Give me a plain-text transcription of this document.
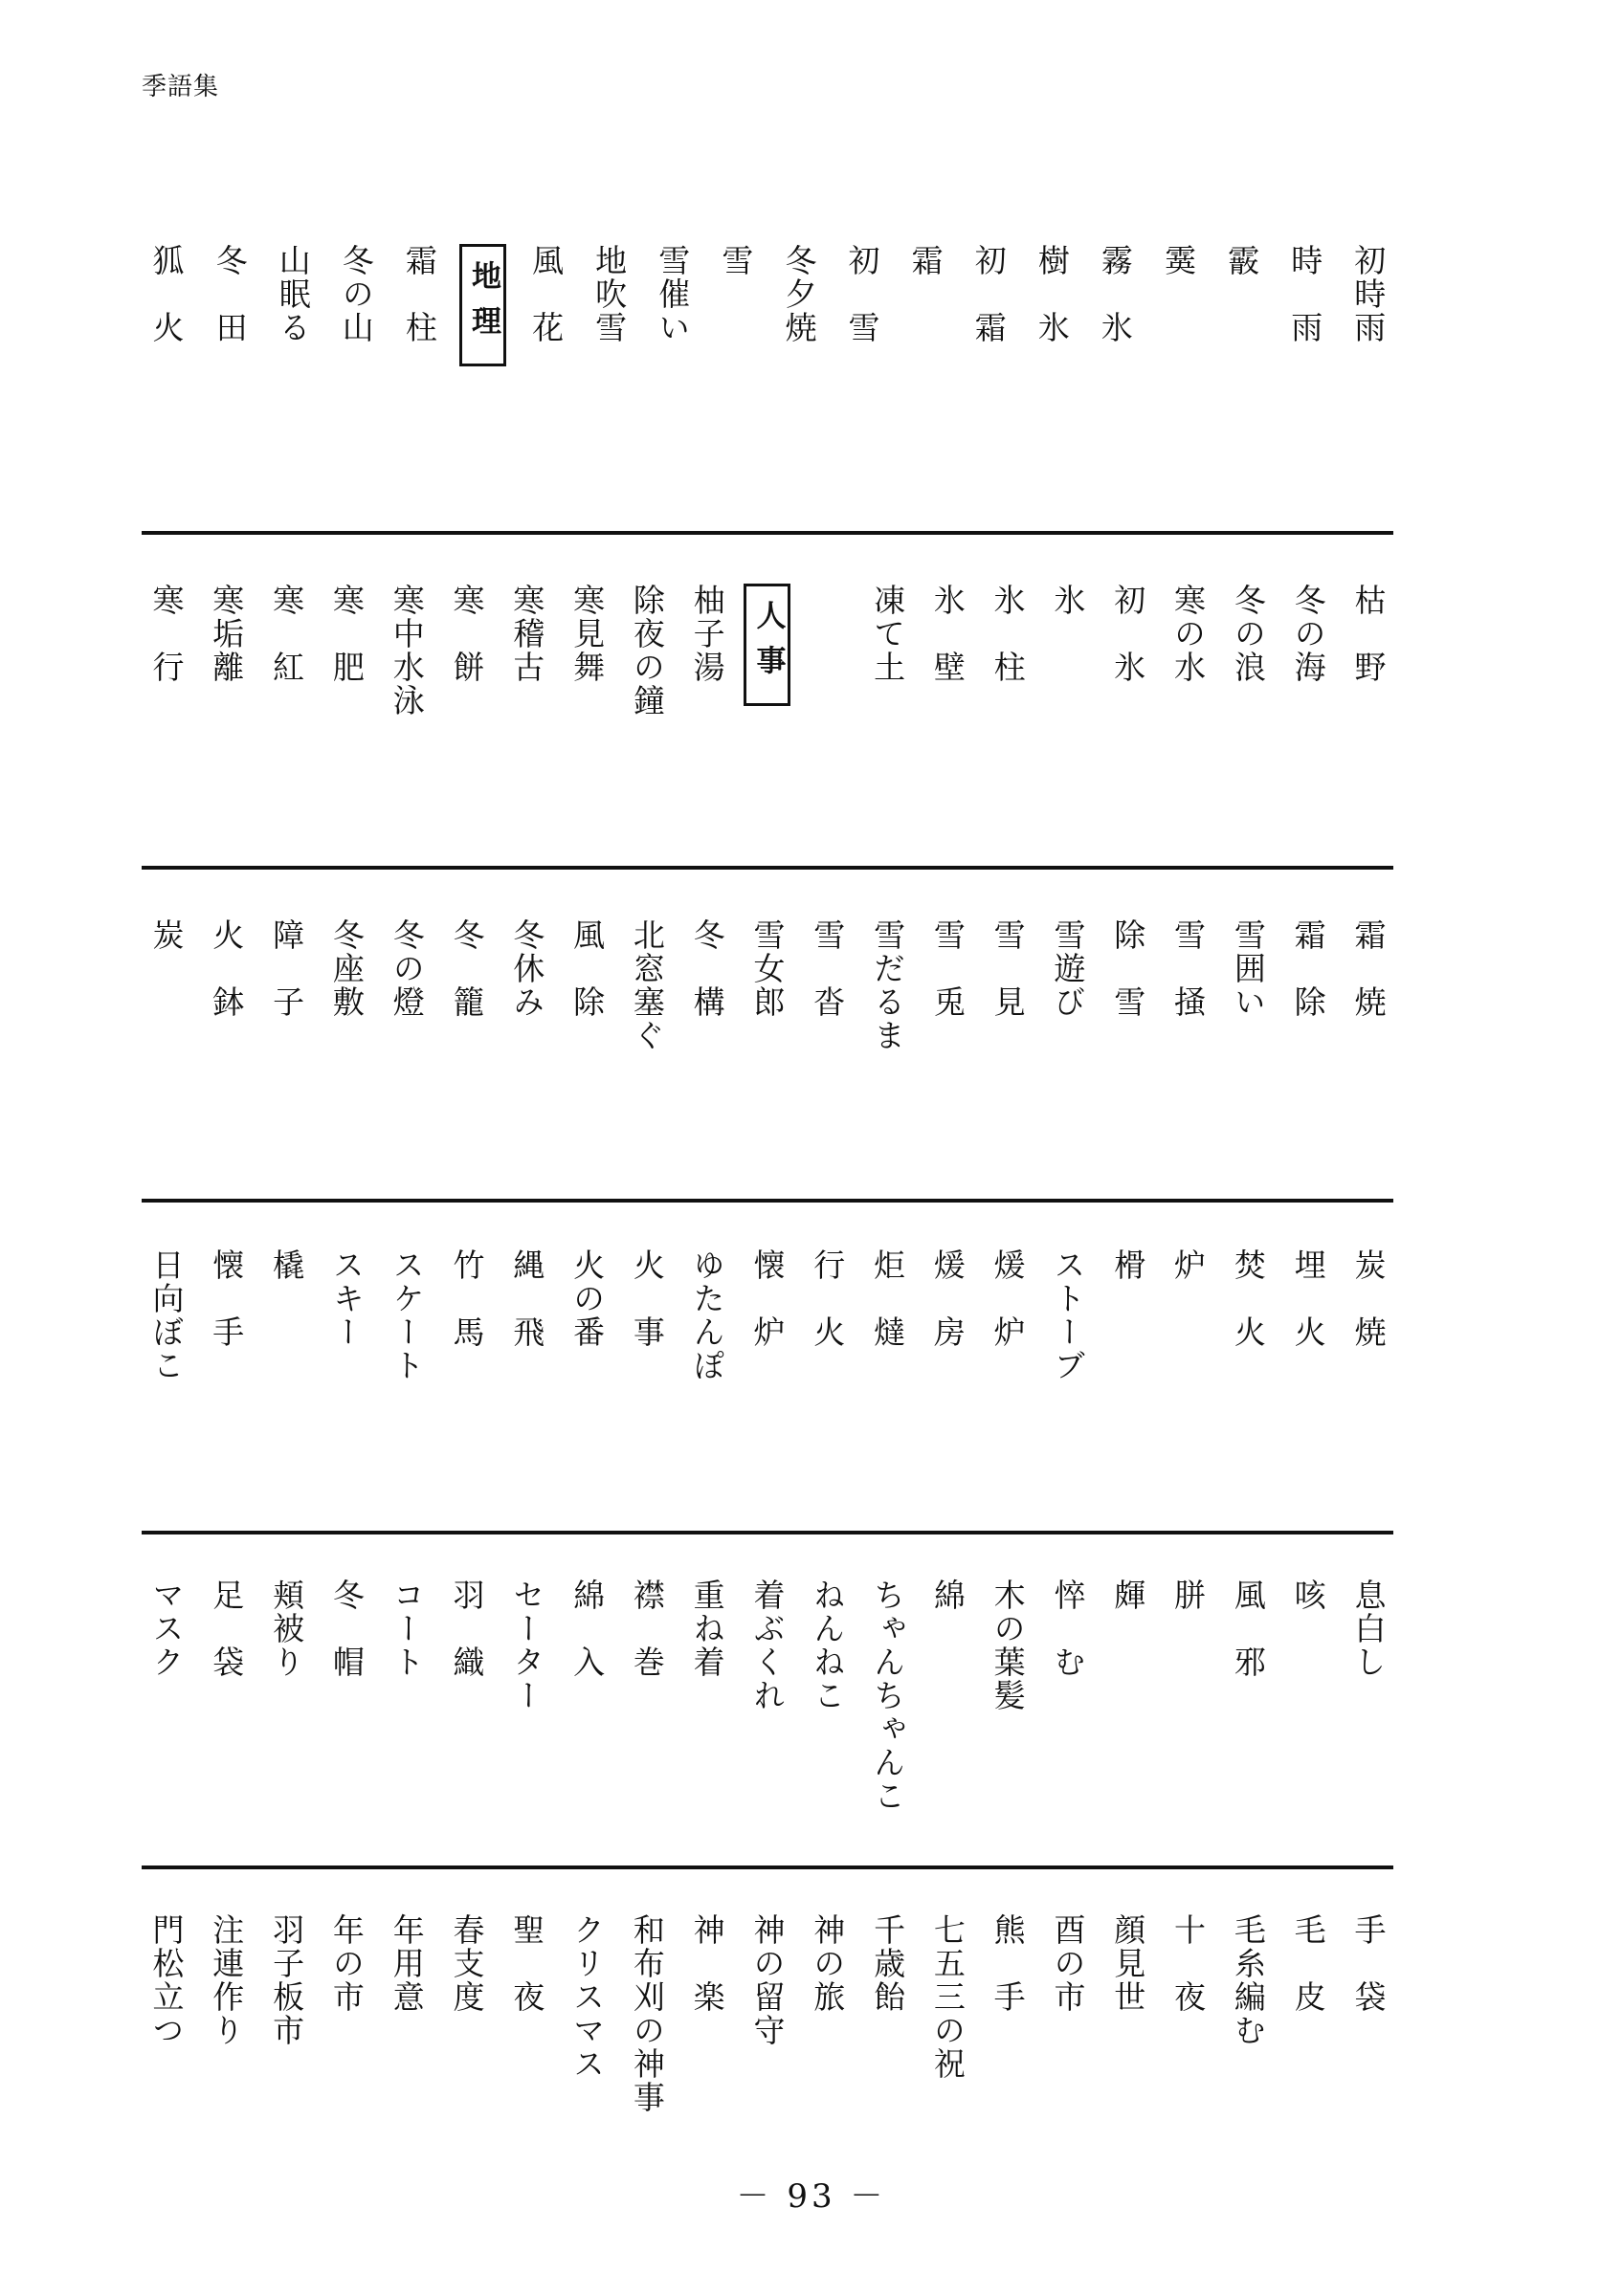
季語集
初時雨
時　雨
霰
霙
霧　氷
樹　氷
初　霜
霜
初　雪
冬夕焼
雪
雪催い
地吹雪
風　花
地理
霜　柱
冬の山
山眠る
冬　田
狐　火
枯　野
冬の海
冬の浪
寒の水
初　氷
氷
氷　柱
氷　壁
凍て土
人事
柚子湯
除夜の鐘
寒見舞
寒稽古
寒　餅
寒中水泳
寒　肥
寒　紅
寒垢離
寒　行
霜　焼
霜　除
雪囲い
雪　掻
除　雪
雪遊び
雪　見
雪　兎
雪だるま
雪　沓
雪女郎
冬　構
北窓塞ぐ
風　除
冬休み
冬　籠
冬の燈
冬座敷
障　子
火　鉢
炭
炭　焼
埋　火
焚　火
炉
榾
ストーブ
煖　炉
煖　房
炬　燵
行　火
懐　炉
ゆたんぽ
火　事
火の番
縄　飛
竹　馬
スケート
スキー
橇
懐　手
日向ぼこ
息白し
咳
風　邪
胼
皹
悴　む
木の葉髪
綿
ちゃんちゃんこ
ねんねこ
着ぶくれ
重ね着
襟　巻
綿　入
セーター
羽　織
コート
冬　帽
頬被り
足　袋
マスク
手　袋
毛　皮
毛糸編む
十　夜
顔見世
酉の市
熊　手
七五三の祝
千歳飴
神の旅
神の留守
神　楽
和布刈の神事
クリスマス
聖　夜
春支度
年用意
年の市
羽子板市
注連作り
門松立つ
－ 93 －
